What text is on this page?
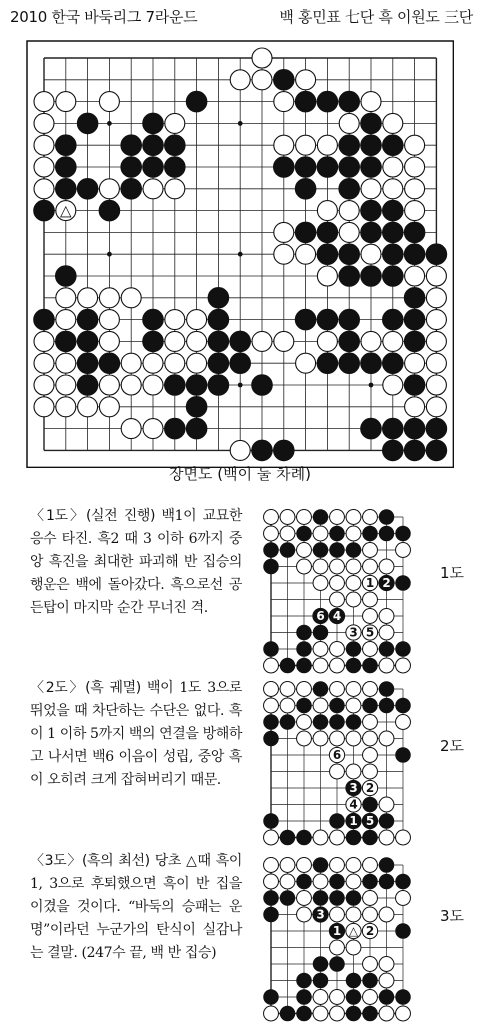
2010 한국 바둑리그 7라운드	백 홍민표 七단 흑 이원도 三단
△
장면도 (백이 둘 차례)
〈1도〉(실전 진행) 백1이 교묘한 응수 타진. 흑2 때 3 이하 6까지 중앙 흑진을 최대한 파괴해 반 집승의 행운은 백에 돌아갔다. 흑으로선 공든탑이 마지막 순간 무너진 격.
1 2
3
4
5
6
1도
〈2도〉(흑 궤멸) 백이 1도 3으로 뛰었을 때 차단하는 수단은 없다. 흑이 1 이하 5까지 백의 연결을 방해하고 나서면 백6 이음이 성립, 중앙 흑이 오히려 크게 잡혀버리기 때문.
1
2
3
4
5
6
2도
〈3도〉(흑의 최선) 당초 △때 흑이 1, 3으로 후퇴했으면 흑이 반 집을 이겼을 것이다. “바둑의 승패는 운명”이라던 누군가의 탄식이 실감나는 결말. (247수 끝, 백 반 집승)
1 2
3
△
3도
